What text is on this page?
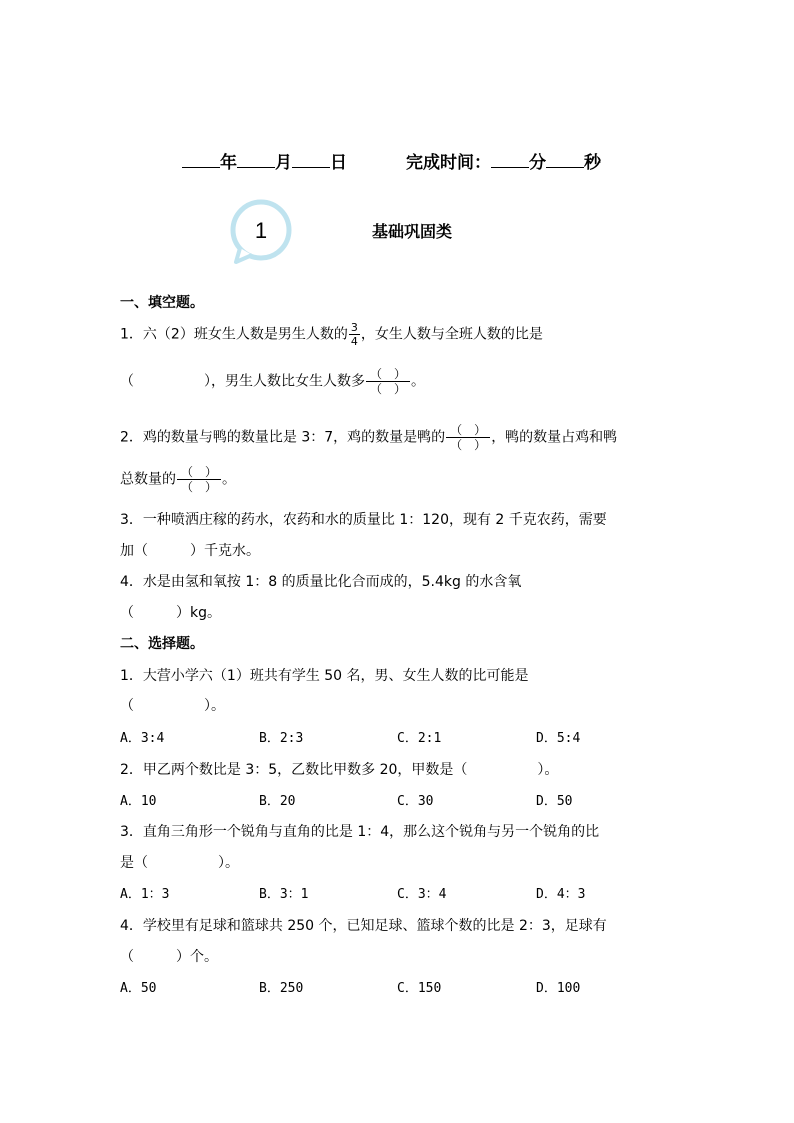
年 月 日	完成时间： 分 秒
1	基础巩固类
一、填空题。
1．六（2）班女生人数是男生人数的 $\frac{3}{4}$ ，女生人数与全班人数的比是
（　　　　　），男生人数比女生人数多 $\frac{( )}{( )}$ 。
2．鸡的数量与鸭的数量比是 3：7，鸡的数量是鸭的 $\frac{( )}{( )}$ ，鸭的数量占鸡和鸭
总数量的 $\frac{( )}{( )}$ 。
3．一种喷洒庄稼的药水，农药和水的质量比 1：120，现有 2 千克农药，需要
加（　　　）千克水。
4．水是由氢和氧按 1：8 的质量比化合而成的，5.4kg 的水含氧
（　　　）kg。
二、选择题。
1．大营小学六（1）班共有学生 50 名，男、女生人数的比可能是
（　　　　　）。
A．3:4	B．2:3	C．2:1	D．5:4
2．甲乙两个数比是 3：5，乙数比甲数多 20，甲数是（　　　　　）。
A．10	B．20	C．30	D．50
3．直角三角形一个锐角与直角的比是 1：4，那么这个锐角与另一个锐角的比
是（　　　　　）。
A．1：3	B．3：1	C．3：4	D．4：3
4．学校里有足球和篮球共 250 个，已知足球、篮球个数的比是 2：3，足球有
（　　　）个。
A．50	B．250	C．150	D．100
